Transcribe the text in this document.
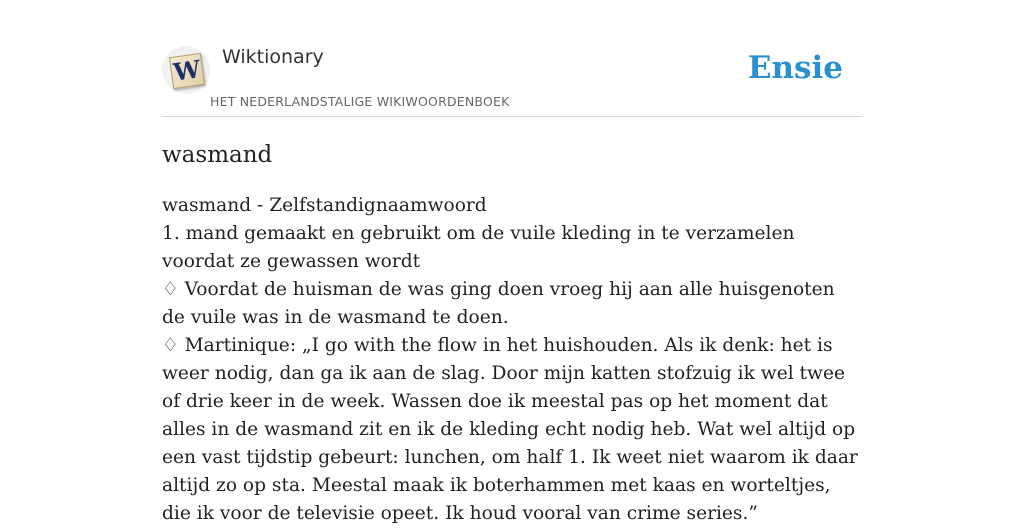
W Wiktionary
HET NEDERLANDSTALIGE WIKIWOORDENBOEK
Ensie
wasmand

wasmand - Zelfstandignaamwoord

1. mand gemaakt en gebruikt om de vuile kleding in te verzamelen voordat ze gewassen wordt

♢ Voordat de huisman de was ging doen vroeg hij aan alle huisgenoten de vuile was in de wasmand te doen.

♢ Martinique: „I go with the flow in het huishouden. Als ik denk: het is weer nodig, dan ga ik aan de slag. Door mijn katten stofzuig ik wel twee of drie keer in de week. Wassen doe ik meestal pas op het moment dat alles in de wasmand zit en ik de kleding echt nodig heb. Wat wel altijd op een vast tijdstip gebeurt: lunchen, om half 1. Ik weet niet waarom ik daar altijd zo op sta. Meestal maak ik boterhammen met kaas en worteltjes, die ik voor de televisie opeet. Ik houd vooral van crime series.”
